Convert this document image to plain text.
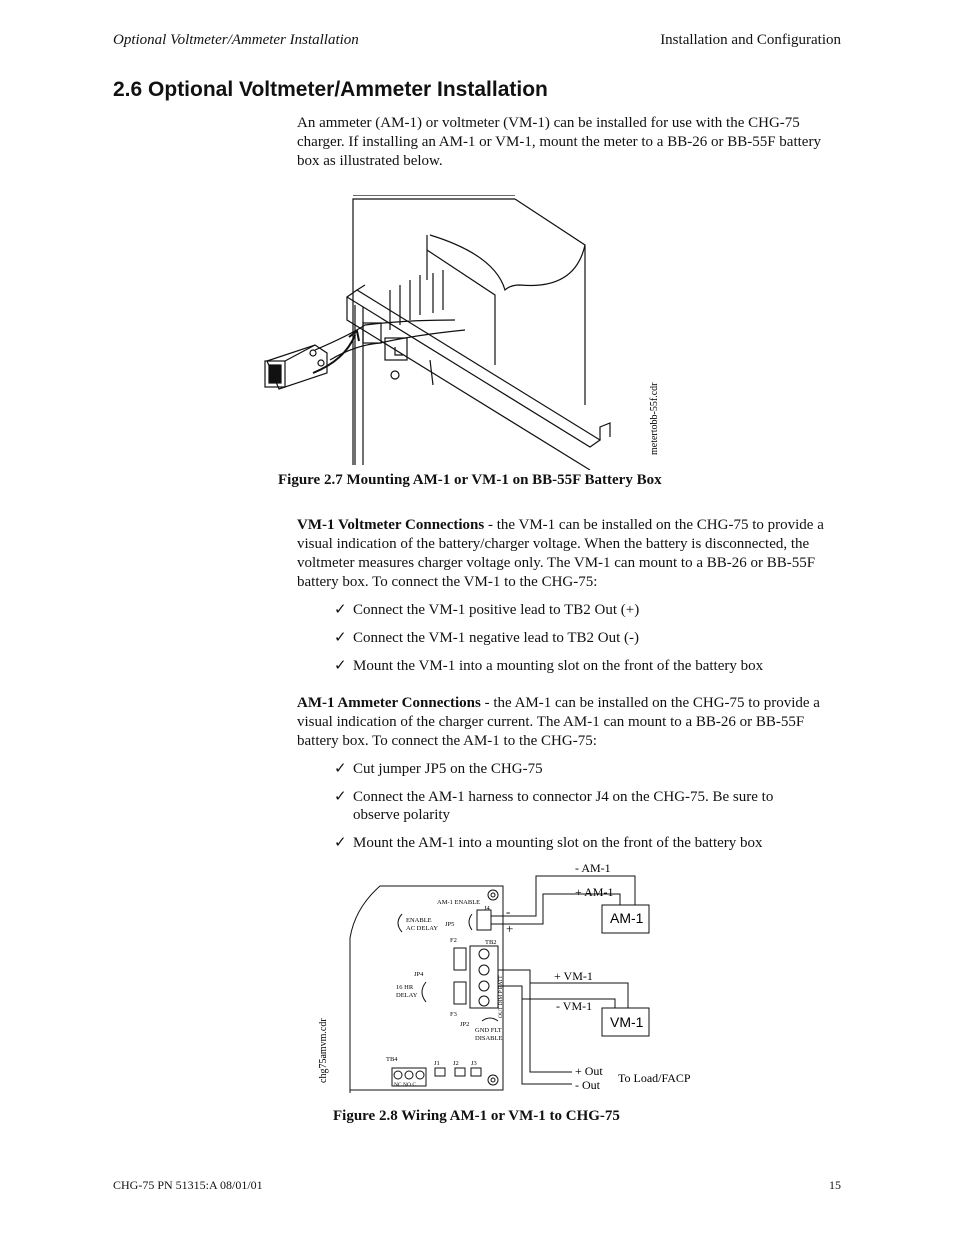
Optional Voltmeter/Ammeter Installation	Installation and Configuration
2.6 Optional Voltmeter/Ammeter Installation
An ammeter (AM-1) or voltmeter (VM-1) can be installed for use with the CHG-75 charger. If installing an AM-1 or VM-1, mount the meter to a BB-26 or BB-55F battery box as illustrated below.
metertobb-55f.cdr
Figure 2.7 Mounting AM-1 or VM-1 on BB-55F Battery Box
VM-1 Voltmeter Connections - the VM-1 can be installed on the CHG-75 to provide a visual indication of the battery/charger voltage. When the battery is disconnected, the voltmeter measures charger voltage only. The VM-1 can mount to a BB-26 or BB-55F battery box. To connect the VM-1 to the CHG-75:
✓ Connect the VM-1 positive lead to TB2 Out (+)
✓ Connect the VM-1 negative lead to TB2 Out (-)
✓ Mount the VM-1 into a mounting slot on the front of the battery box
AM-1 Ammeter Connections - the AM-1 can be installed on the CHG-75 to provide a visual indication of the charger current. The AM-1 can mount to a BB-26 or BB-55F battery box. To connect the AM-1 to the CHG-75:
✓ Cut jumper JP5 on the CHG-75
✓ Connect the AM-1 harness to connector J4 on the CHG-75. Be sure to observe polarity
✓ Mount the AM-1 into a mounting slot on the front of the battery box
- AM-1
+ AM-1
AM-1
+ VM-1
- VM-1
VM-1
+ Out
- Out To Load/FACP
AM-1 ENABLE
J4
JP5
ENABLE
AC DELAY
F2	TB2
JP4
16 HR
DELAY
F3
JP2
GND FLT
DISABLE
TB4
J1 J2 J3
NC NO C
OUT DIM P BATT
-
+
chg75amvm.cdr
Figure 2.8 Wiring AM-1 or VM-1 to CHG-75
CHG-75 PN 51315:A 08/01/01	15
